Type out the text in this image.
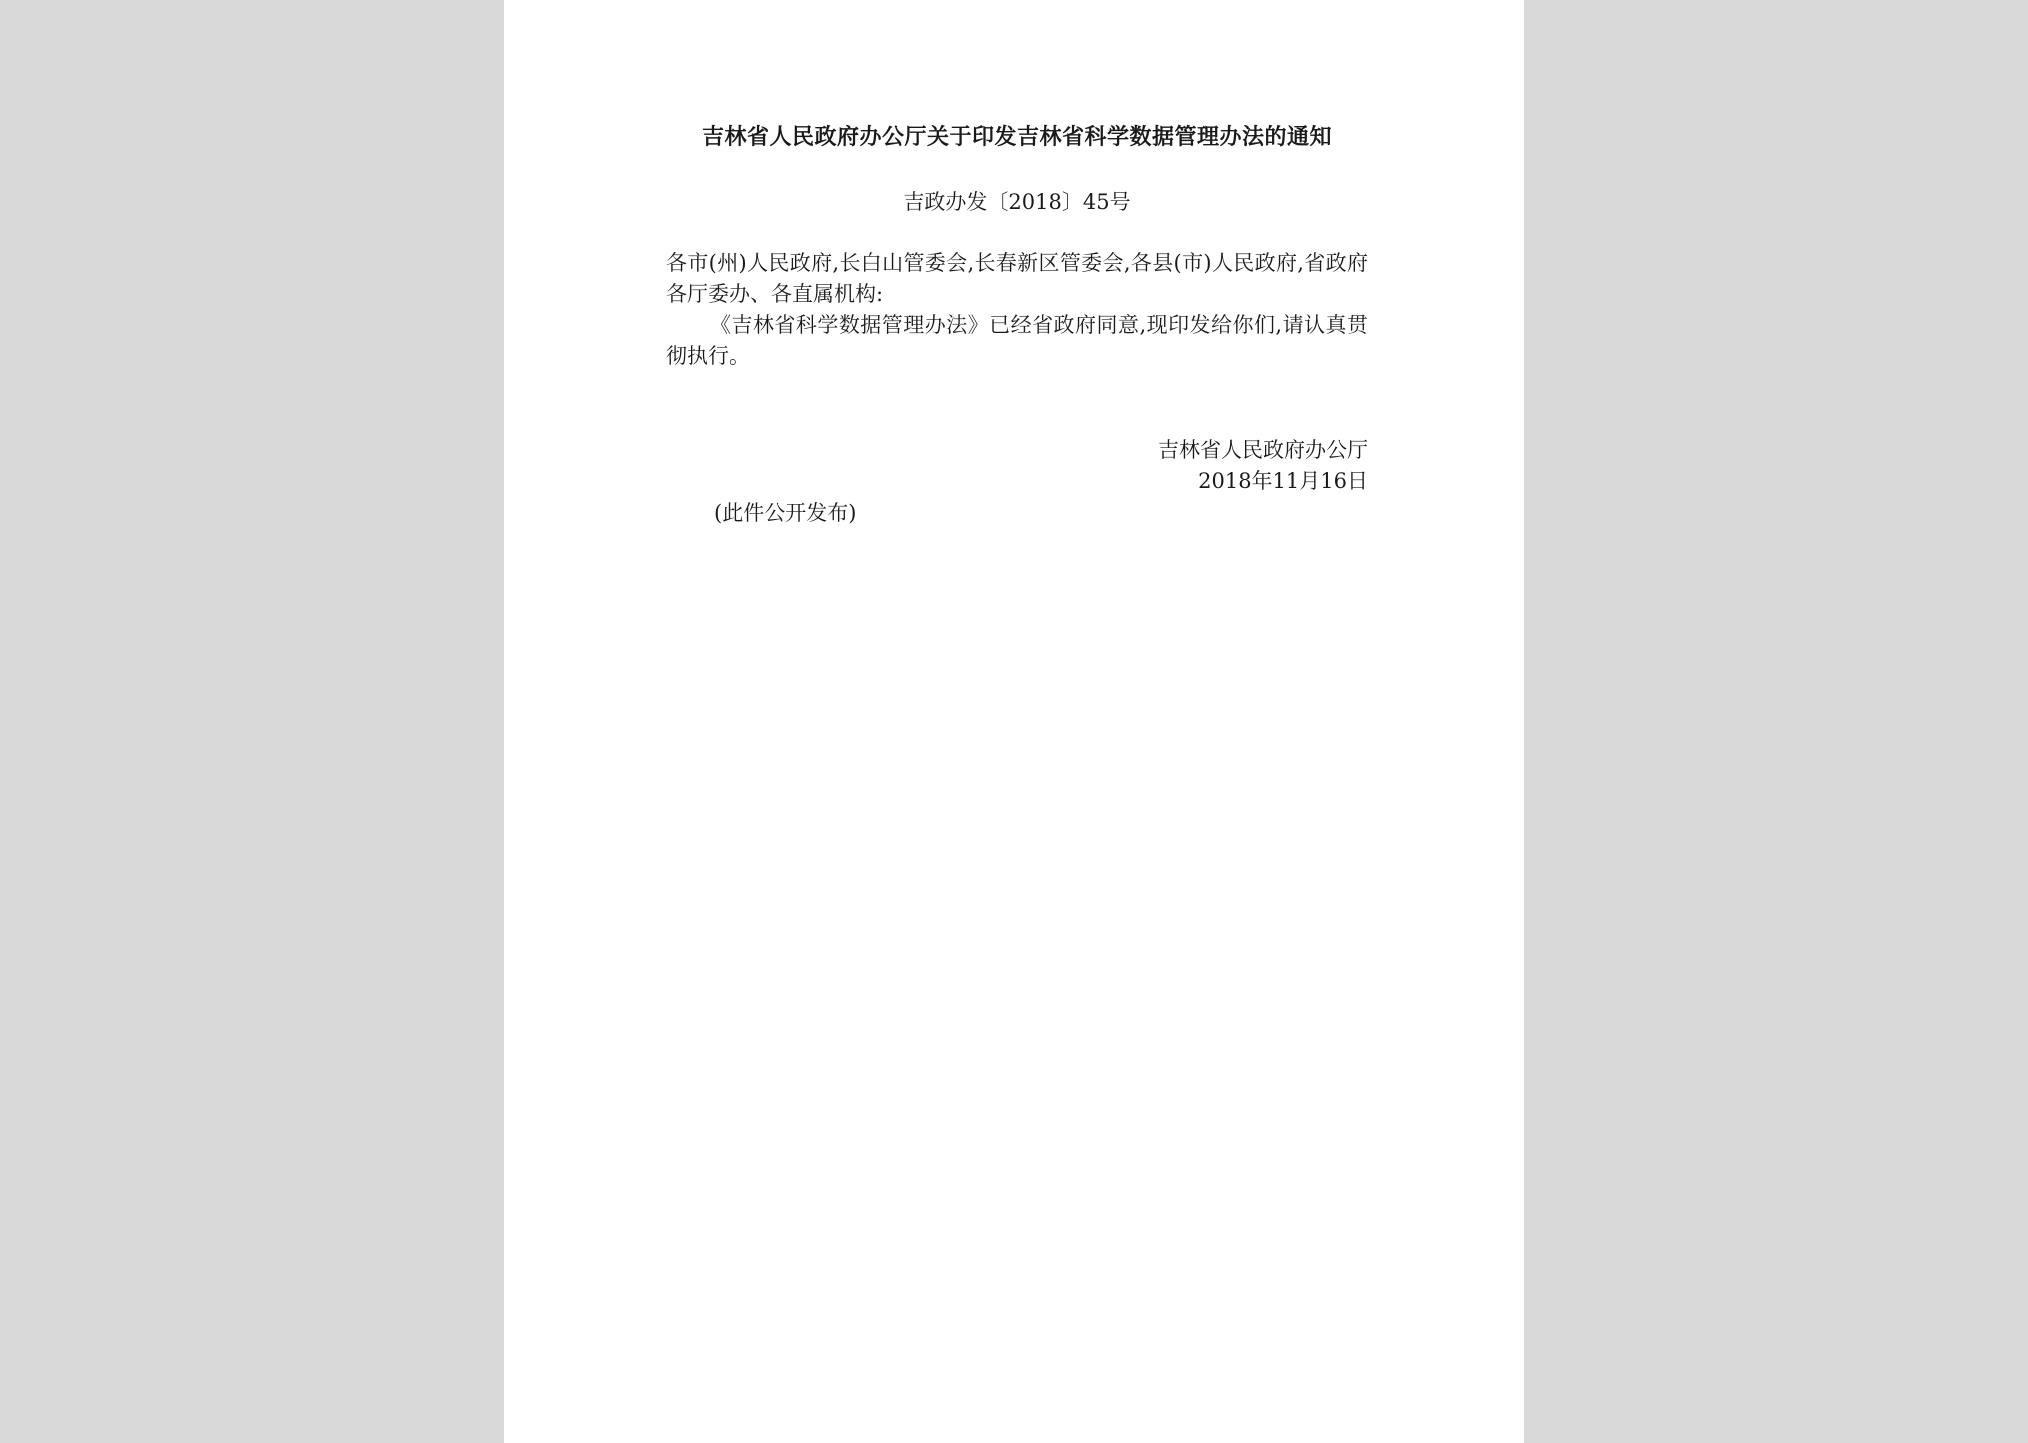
吉林省人民政府办公厅关于印发吉林省科学数据管理办法的通知
吉政办发〔2018〕45号
各市(州)人民政府,长白山管委会,长春新区管委会,各县(市)人民政府,省政府各厅委办、各直属机构:
《吉林省科学数据管理办法》已经省政府同意,现印发给你们,请认真贯彻执行。
吉林省人民政府办公厅
2018年11月16日
(此件公开发布)
